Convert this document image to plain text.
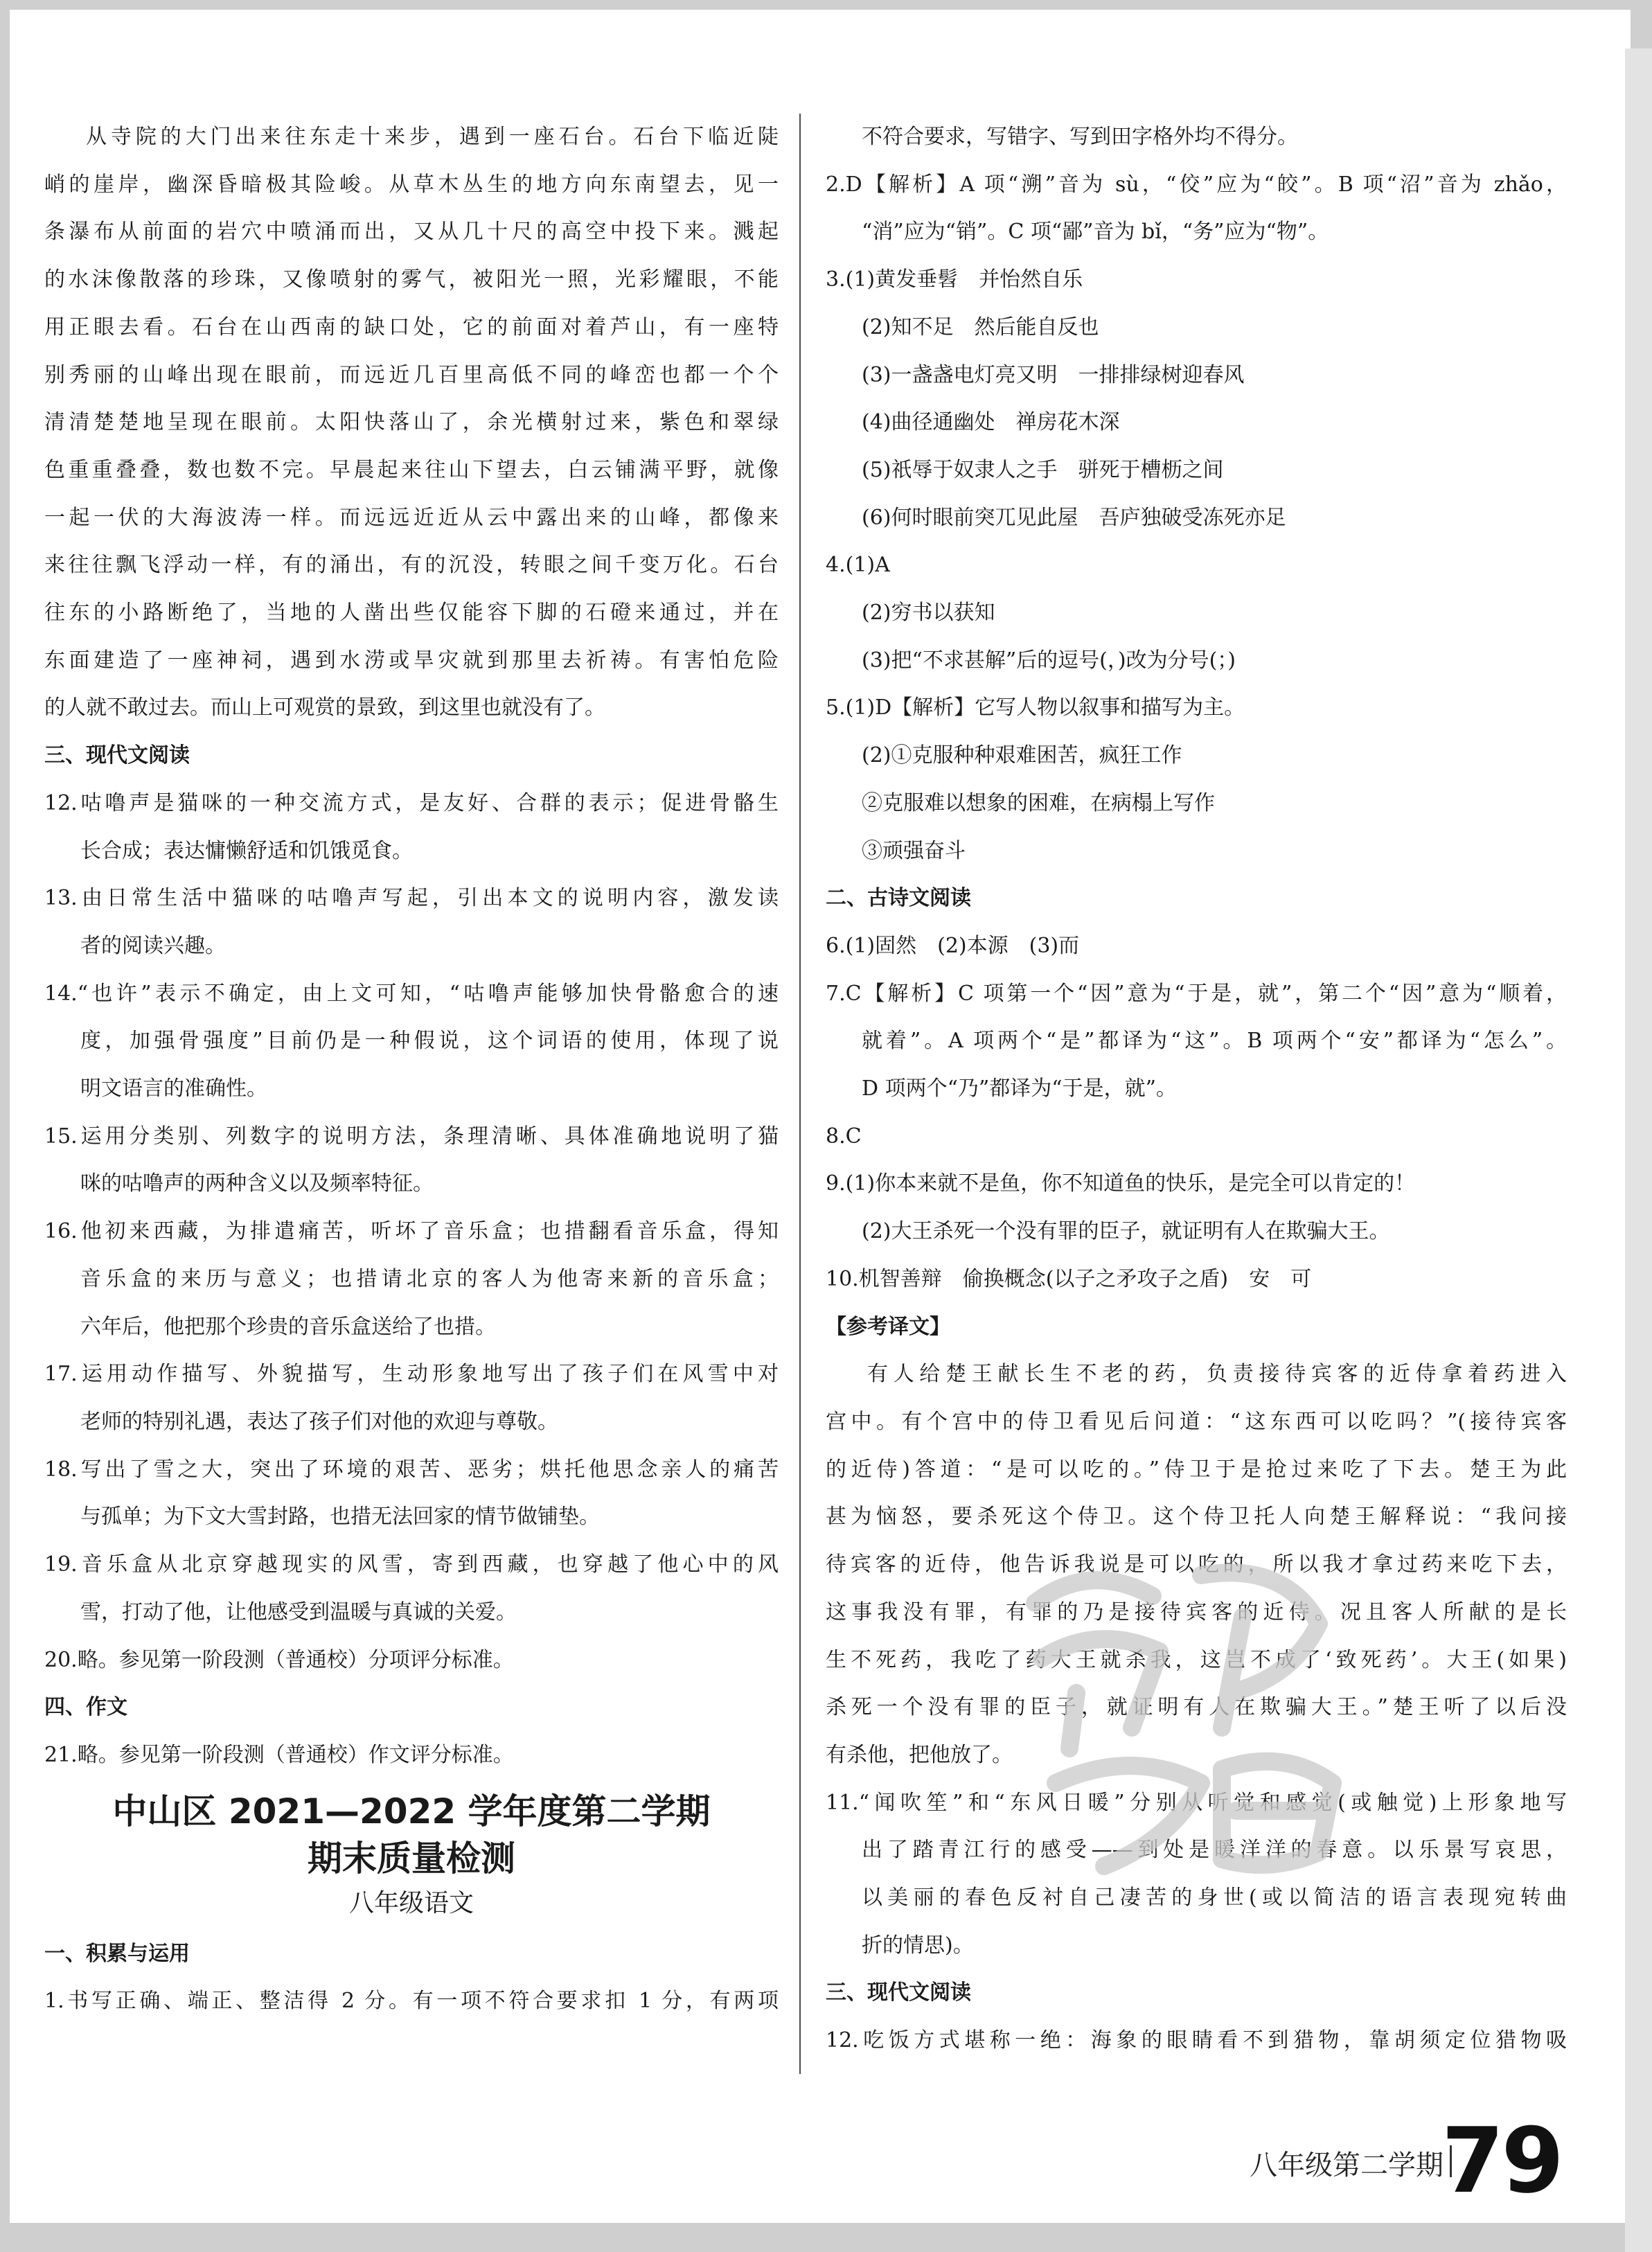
从寺院的大门出来往东走十来步，遇到一座石台。石台下临近陡

峭的崖岸，幽深昏暗极其险峻。从草木丛生的地方向东南望去，见一

条瀑布从前面的岩穴中喷涌而出，又从几十尺的高空中投下来。溅起

的水沫像散落的珍珠，又像喷射的雾气，被阳光一照，光彩耀眼，不能

用正眼去看。石台在山西南的缺口处，它的前面对着芦山，有一座特

别秀丽的山峰出现在眼前，而远近几百里高低不同的峰峦也都一个个

清清楚楚地呈现在眼前。太阳快落山了，余光横射过来，紫色和翠绿

色重重叠叠，数也数不完。早晨起来往山下望去，白云铺满平野，就像

一起一伏的大海波涛一样。而远远近近从云中露出来的山峰，都像来

来往往飘飞浮动一样，有的涌出，有的沉没，转眼之间千变万化。石台

往东的小路断绝了，当地的人凿出些仅能容下脚的石磴来通过，并在

东面建造了一座神祠，遇到水涝或旱灾就到那里去祈祷。有害怕危险

的人就不敢过去。而山上可观赏的景致，到这里也就没有了。

三、现代文阅读

12.咕噜声是猫咪的一种交流方式，是友好、合群的表示；促进骨骼生

长合成；表达慵懒舒适和饥饿觅食。

13.由日常生活中猫咪的咕噜声写起，引出本文的说明内容，激发读

者的阅读兴趣。

14.“也许”表示不确定，由上文可知，“咕噜声能够加快骨骼愈合的速

度，加强骨强度”目前仍是一种假说，这个词语的使用，体现了说

明文语言的准确性。

15.运用分类别、列数字的说明方法，条理清晰、具体准确地说明了猫

咪的咕噜声的两种含义以及频率特征。

16.他初来西藏，为排遣痛苦，听坏了音乐盒；也措翻看音乐盒，得知

音乐盒的来历与意义；也措请北京的客人为他寄来新的音乐盒；

六年后，他把那个珍贵的音乐盒送给了也措。

17.运用动作描写、外貌描写，生动形象地写出了孩子们在风雪中对

老师的特别礼遇，表达了孩子们对他的欢迎与尊敬。

18.写出了雪之大，突出了环境的艰苦、恶劣；烘托他思念亲人的痛苦

与孤单；为下文大雪封路，也措无法回家的情节做铺垫。

19.音乐盒从北京穿越现实的风雪，寄到西藏，也穿越了他心中的风

雪，打动了他，让他感受到温暖与真诚的关爱。

20.略。参见第一阶段测（普通校）分项评分标准。

四、作文

21.略。参见第一阶段测（普通校）作文评分标准。

中山区 2021—2022 学年度第二学期

期末质量检测

八年级语文

一、积累与运用

1.书写正确、端正、整洁得 2 分。有一项不符合要求扣 1 分，有两项

不符合要求，写错字、写到田字格外均不得分。

2.D【解析】A 项“溯”音为 sù，“佼”应为“皎”。B 项“沼”音为 zhǎo，

“消”应为“销”。C 项“鄙”音为 bǐ，“务”应为“物”。

3.(1)黄发垂髫　并怡然自乐

(2)知不足　然后能自反也

(3)一盏盏电灯亮又明　一排排绿树迎春风

(4)曲径通幽处　禅房花木深

(5)祇辱于奴隶人之手　骈死于槽枥之间

(6)何时眼前突兀见此屋　吾庐独破受冻死亦足

4.(1)A

(2)穷书以获知

(3)把“不求甚解”后的逗号(，)改为分号(；)

5.(1)D【解析】它写人物以叙事和描写为主。

(2)①克服种种艰难困苦，疯狂工作

②克服难以想象的困难，在病榻上写作

③顽强奋斗

二、古诗文阅读

6.(1)固然　(2)本源　(3)而

7.C【解析】C 项第一个“因”意为“于是，就”，第二个“因”意为“顺着，

就着”。A 项两个“是”都译为“这”。B 项两个“安”都译为“怎么”。

D 项两个“乃”都译为“于是，就”。

8.C

9.(1)你本来就不是鱼，你不知道鱼的快乐，是完全可以肯定的！

(2)大王杀死一个没有罪的臣子，就证明有人在欺骗大王。

10.机智善辩　偷换概念(以子之矛攻子之盾)　安　可

【参考译文】

有人给楚王献长生不老的药，负责接待宾客的近侍拿着药进入

宫中。有个宫中的侍卫看见后问道：“这东西可以吃吗？”(接待宾客

的近侍)答道：“是可以吃的。”侍卫于是抢过来吃了下去。楚王为此

甚为恼怒，要杀死这个侍卫。这个侍卫托人向楚王解释说：“我问接

待宾客的近侍，他告诉我说是可以吃的，所以我才拿过药来吃下去，

这事我没有罪，有罪的乃是接待宾客的近侍。况且客人所献的是长

生不死药，我吃了药大王就杀我，这岂不成了‘致死药’。大王(如果)

杀死一个没有罪的臣子，就证明有人在欺骗大王。”楚王听了以后没

有杀他，把他放了。

11.“闻吹笙”和“东风日暖”分别从听觉和感觉(或触觉)上形象地写

出了踏青江行的感受——到处是暖洋洋的春意。以乐景写哀思，

以美丽的春色反衬自己凄苦的身世(或以简洁的语言表现宛转曲

折的情思)。

三、现代文阅读

12.吃饭方式堪称一绝：海象的眼睛看不到猎物，靠胡须定位猎物吸

八年级第二学期
79
